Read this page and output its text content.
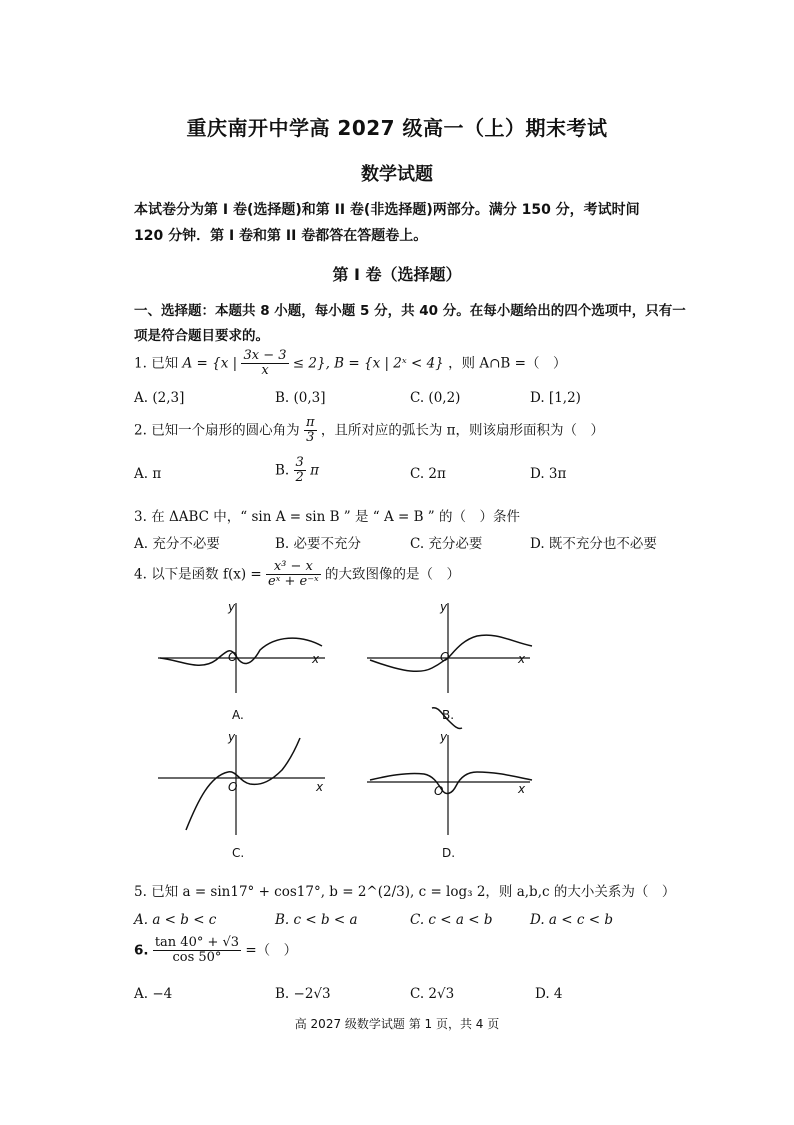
重庆南开中学高 2027 级高一（上）期末考试
数学试题
本试卷分为第 I 卷(选择题)和第 II 卷(非选择题)两部分。满分 150 分，考试时间
120 分钟．第 I 卷和第 II 卷都答在答题卷上。
第 I 卷（选择题）
一、选择题：本题共 8 小题，每小题 5 分，共 40 分。在每小题给出的四个选项中，只有一
项是符合题目要求的。
1. 已知 A = {x | $\frac{3x - 3}{x} \le 2$}, B = {x | 2ˣ < 4} ，则 A∩B =（　）
A. (2,3]	B. (0,3]	C. (0,2)	D. [1,2)
2. 已知一个扇形的圆心角为 $\frac{\pi}{3}$ ，且所对应的弧长为 π，则该扇形面积为（　）
A. π	B. $\frac{3}{2}$ π	C. 2π	D. 3π
3. 在 ΔABC 中，“ sin A = sin B ” 是 “ A = B ” 的（　）条件
A. 充分不必要	B. 必要不充分	C. 充分必要	D. 既不充分也不必要
4. 以下是函数 $f(x) = \frac{\text{x³ − x}}{\text{eˣ + e⁻ˣ}}$ 的大致图像的是（　）
y
x
O
A.
y
x
O
B.
y
x
O
C.
y
x
O
D.
5. 已知 a = sin17° + cos17°, b = 2^(2/3), c = log₃ 2，则 a,b,c 的大小关系为（　）
A. a < b < c	B. c < b < a	C. c < a < b	D. a < c < b
6. $\frac{\tan 40^\circ + √3}{\cos 50^\circ}$ =（　）
A. −4	B. −2√3	C. 2√3	D. 4
高 2027 级数学试题 第 1 页，共 4 页
